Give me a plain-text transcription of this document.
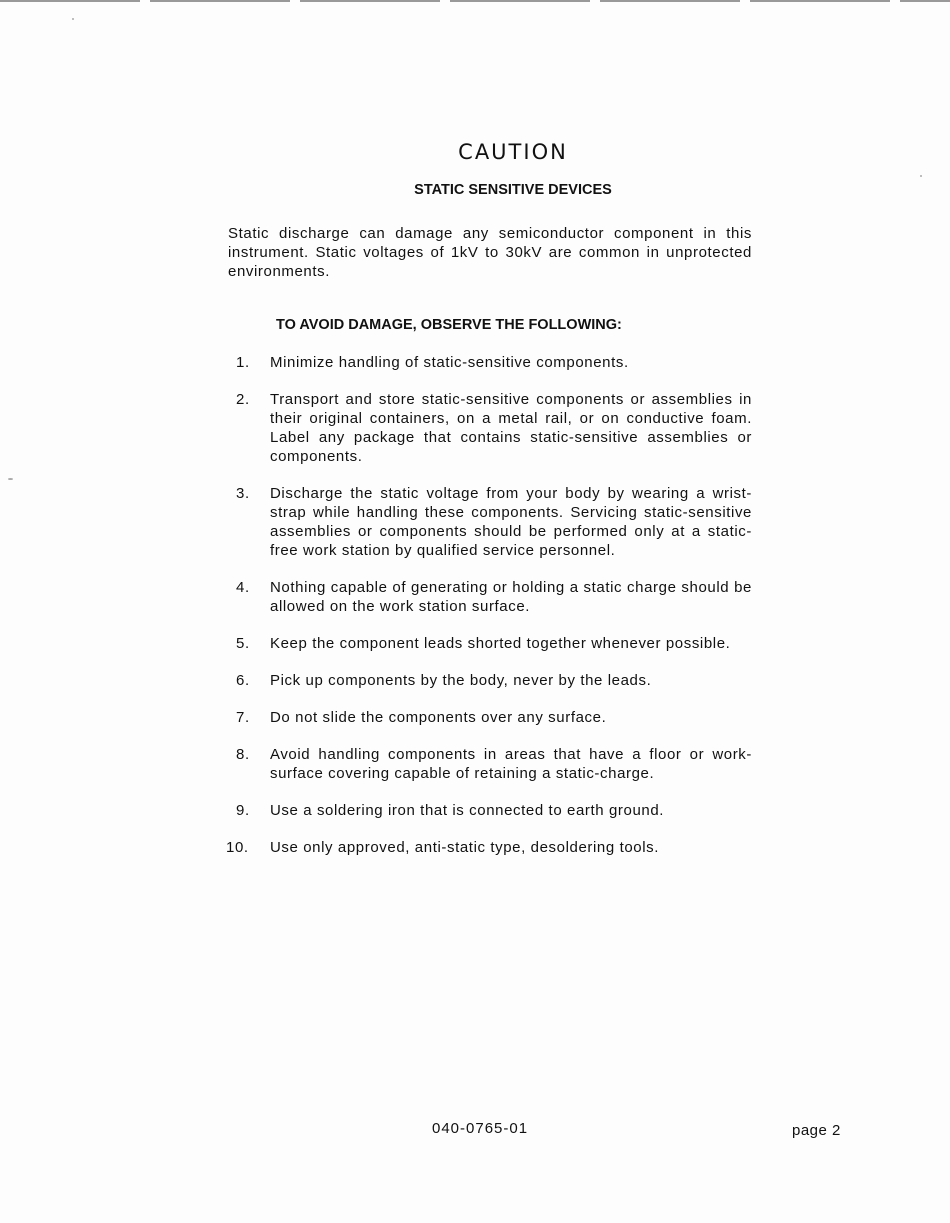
CAUTION
STATIC SENSITIVE DEVICES

Static discharge can damage any semiconductor component in this instrument. Static voltages of 1kV to 30kV are common in unprotected environments.

TO AVOID DAMAGE, OBSERVE THE FOLLOWING:
1.	Minimize handling of static-sensitive components.
2.	Transport and store static-sensitive components or assemblies in their original containers, on a metal rail, or on conductive foam. Label any package that contains static-sensitive assemblies or components.
3.	Discharge the static voltage from your body by wearing a wrist-strap while handling these components. Servicing static-sensitive assemblies or components should be performed only at a static-free work station by qualified service personnel.
4.	Nothing capable of generating or holding a static charge should be allowed on the work station surface.
5.	Keep the component leads shorted together whenever possible.
6.	Pick up components by the body, never by the leads.
7.	Do not slide the components over any surface.
8.	Avoid handling components in areas that have a floor or work-surface covering capable of retaining a static-charge.
9.	Use a soldering iron that is connected to earth ground.
10.	Use only approved, anti-static type, desoldering tools.
040-0765-01	page 2
